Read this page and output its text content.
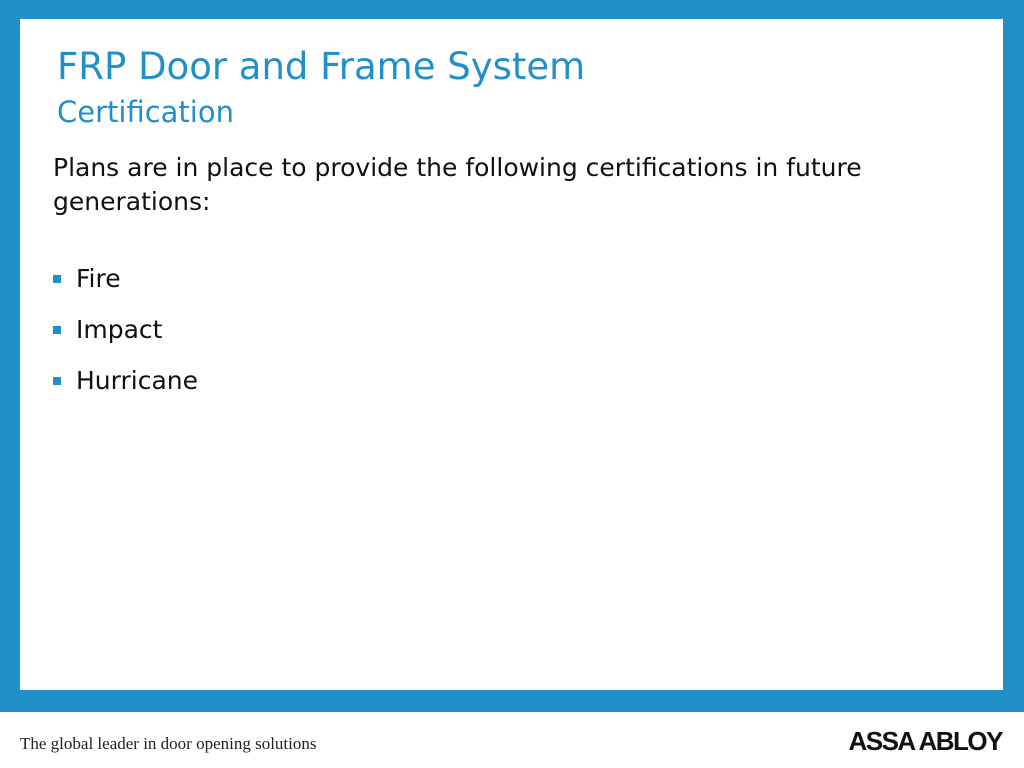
FRP Door and Frame System
Certification

Plans are in place to provide the following certifications in future generations:

Fire
Impact
Hurricane
The global leader in door opening solutions	ASSA ABLOY
